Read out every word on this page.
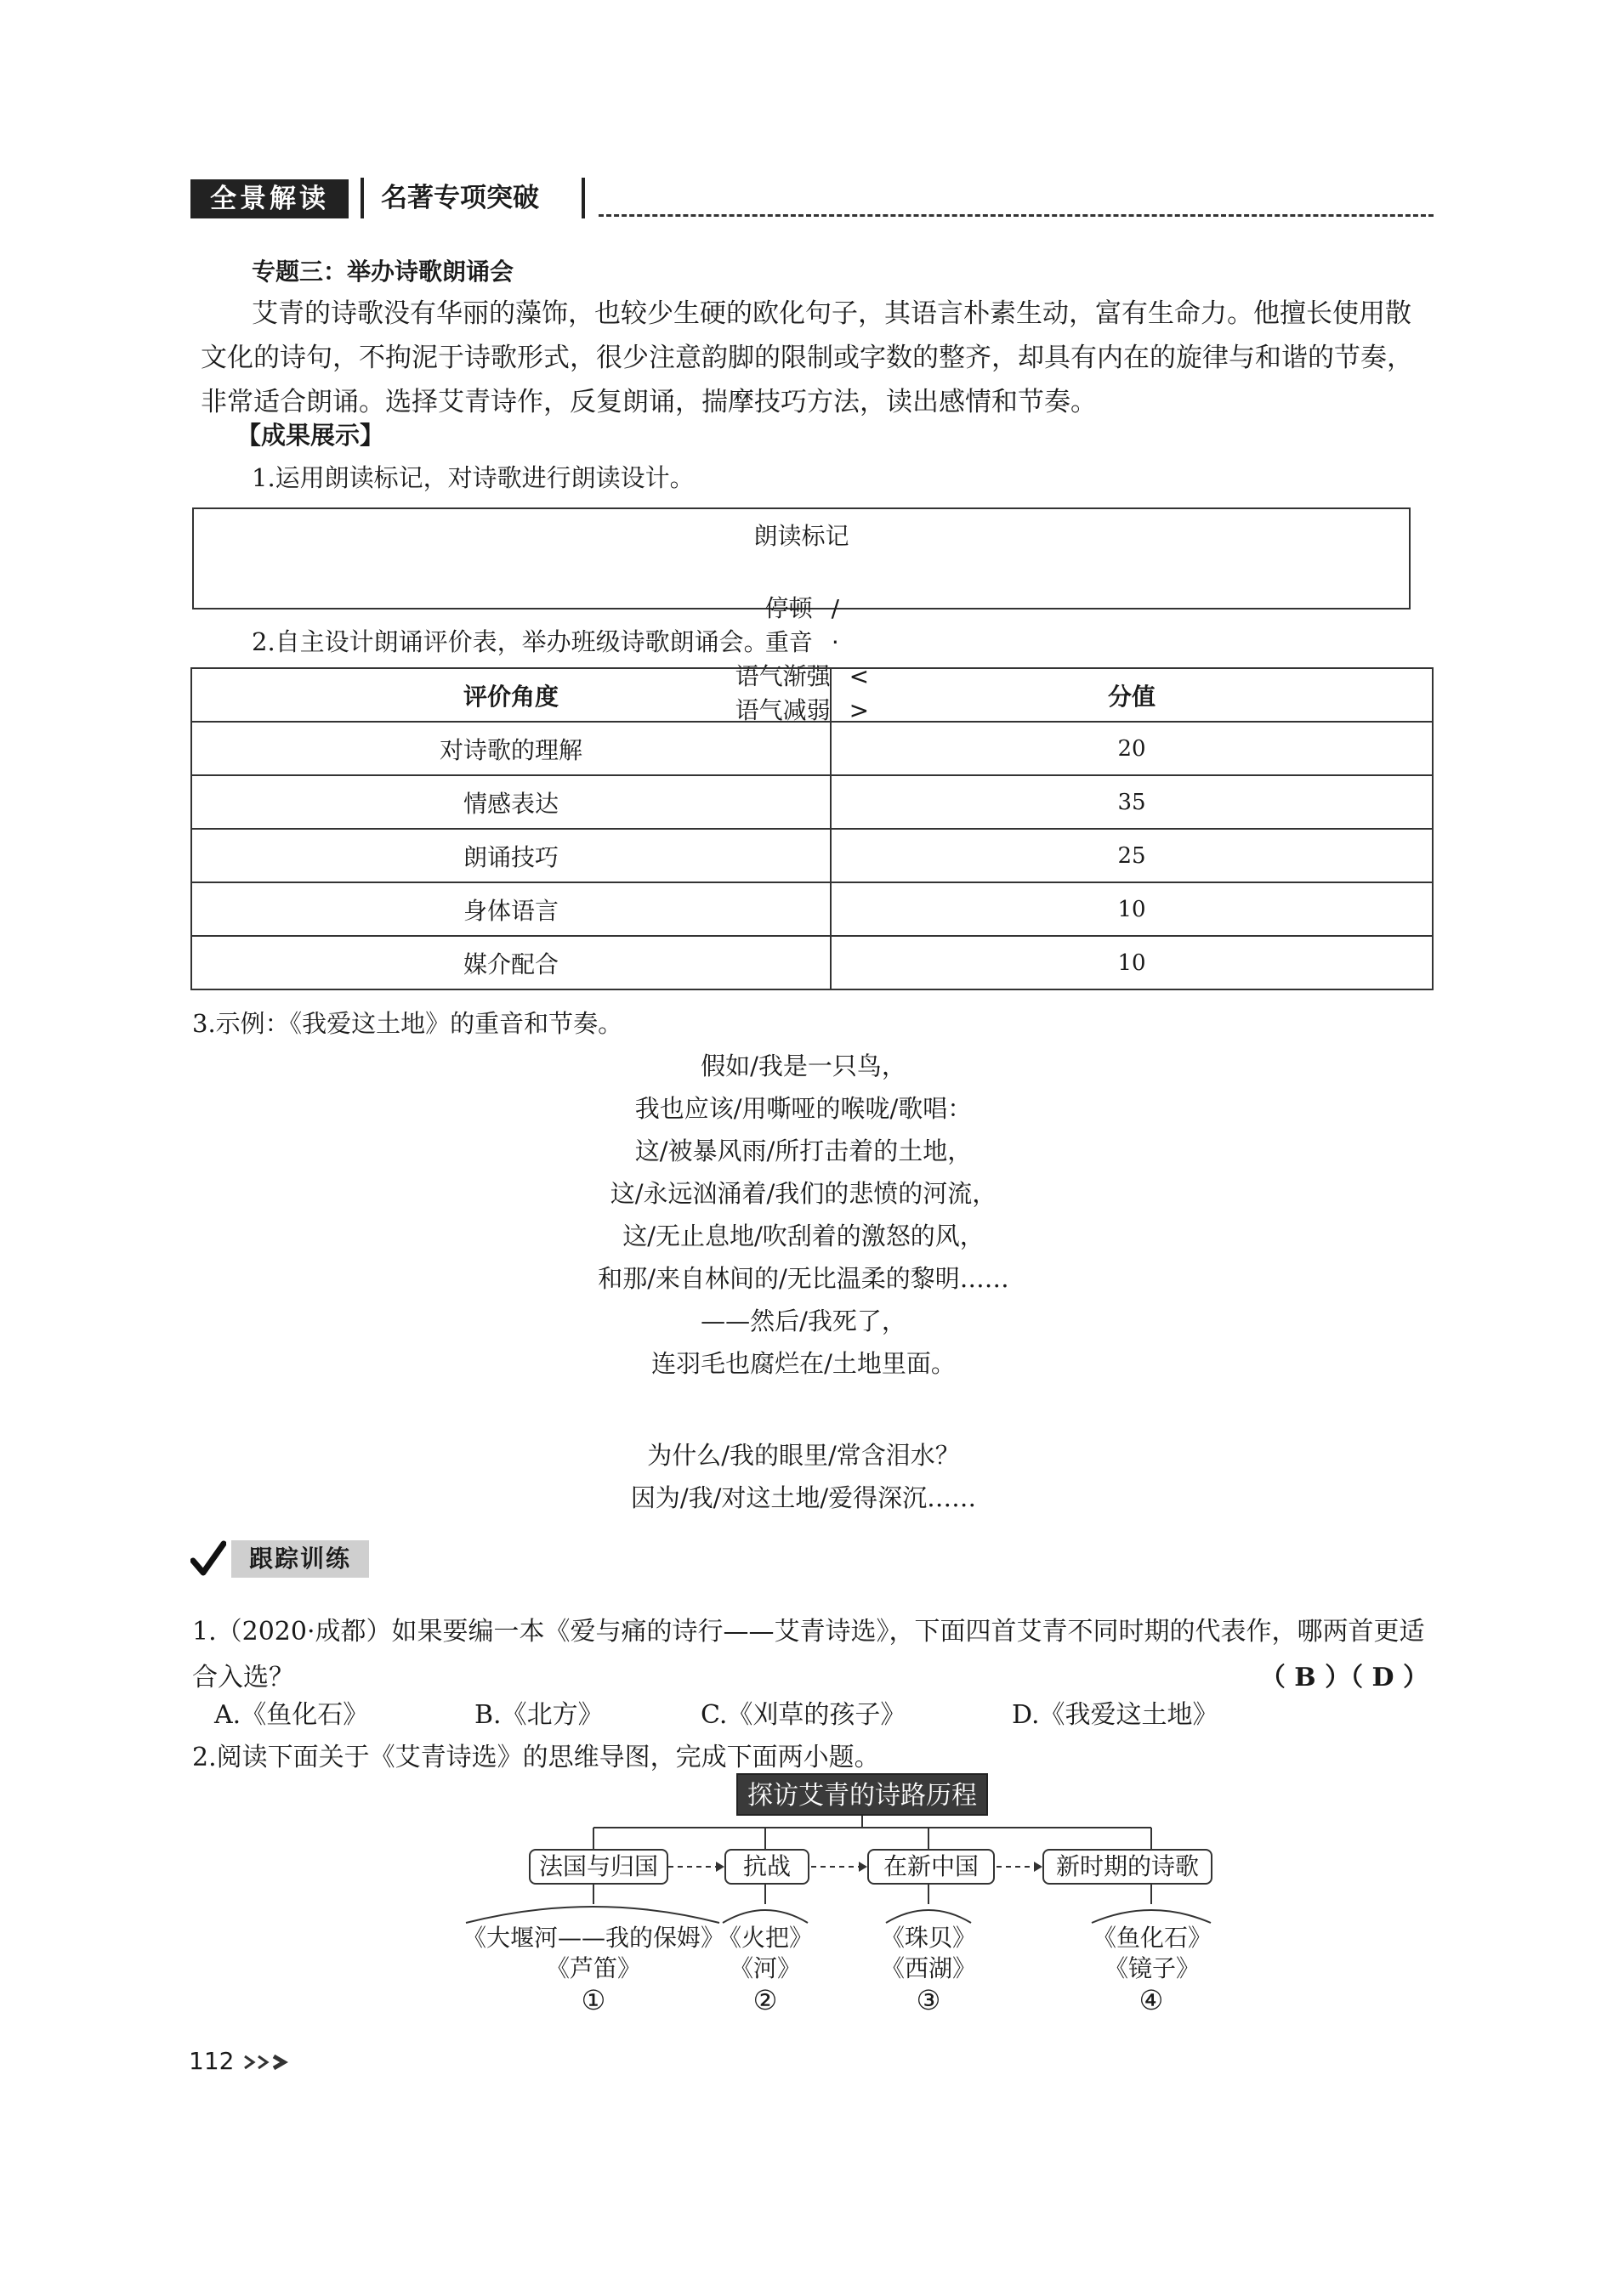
全景解读	名著专项突破
专题三：举办诗歌朗诵会
艾青的诗歌没有华丽的藻饰，也较少生硬的欧化句子，其语言朴素生动，富有生命力。他擅长使用散文化的诗句，不拘泥于诗歌形式，很少注意韵脚的限制或字数的整齐，却具有内在的旋律与和谐的节奏，非常适合朗诵。选择艾青诗作，反复朗诵，揣摩技巧方法，读出感情和节奏。
【成果展示】
1.运用朗读标记，对诗歌进行朗读设计。
朗读标记

停顿 /
重音 ·
语气渐强 <
语气减弱 >

2.自主设计朗诵评价表，举办班级诗歌朗诵会。
评价角度	分值
对诗歌的理解	20
情感表达	35
朗诵技巧	25
身体语言	10
媒介配合	10
3.示例：《我爱这土地》的重音和节奏。
假如/我是一只鸟，
我也应该/用嘶哑的喉咙/歌唱：
这/被暴风雨/所打击着的土地，
这/永远汹涌着/我们的悲愤的河流，
这/无止息地/吹刮着的激怒的风，
和那/来自林间的/无比温柔的黎明……
——然后/我死了，
连羽毛也腐烂在/土地里面。
为什么/我的眼里/常含泪水？
因为/我/对这土地/爱得深沉……
跟踪训练
1.（2020·成都）如果要编一本《爱与痛的诗行——艾青诗选》，下面四首艾青不同时期的代表作，哪两首更适合入选？	（ B ）（ D ）
A.《鱼化石》	B.《北方》	C.《刈草的孩子》	D.《我爱这土地》
2.阅读下面关于《艾青诗选》的思维导图，完成下面两小题。
探访艾青的诗路历程
法国与归国	抗战	在新中国	新时期的诗歌
《大堰河——我的保姆》
《芦笛》
《火把》
《河》
《珠贝》
《西湖》
《鱼化石》
《镜子》
①	②	③	④
112
